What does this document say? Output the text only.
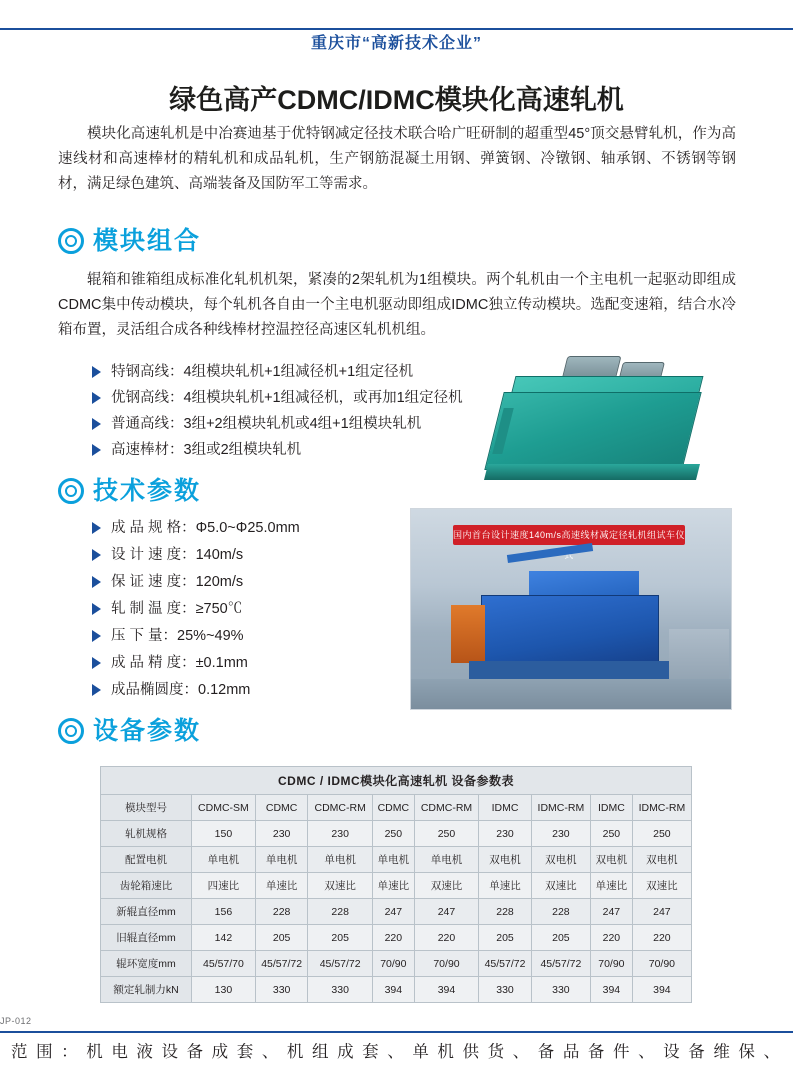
重庆市“高新技术企业”
绿色高产CDMC/IDMC模块化高速轧机
模块化高速轧机是中冶赛迪基于优特钢减定径技术联合哈广旺研制的超重型45°顶交悬臂轧机，作为高速线材和高速棒材的精轧机和成品轧机，生产钢筋混凝土用钢、弹簧钢、冷镦钢、轴承钢、不锈钢等钢材，满足绿色建筑、高端装备及国防军工等需求。
模块组合
辊箱和锥箱组成标准化轧机机架，紧凑的2架轧机为1组模块。两个轧机由一个主电机一起驱动即组成CDMC集中传动模块，每个轧机各自由一个主电机驱动即组成IDMC独立传动模块。选配变速箱，结合水冷箱布置，灵活组合成各种线棒材控温控径高速区轧机机组。
特钢高线：4组模块轧机+1组减径机+1组定径机
优钢高线：4组模块轧机+1组减径机，或再加1组定径机
普通高线：3组+2组模块轧机或4组+1组模块轧机
高速棒材：3组或2组模块轧机
技术参数
成 品 规 格：Φ5.0~Φ25.0mm
设 计 速 度：140m/s
保 证 速 度：120m/s
轧 制 温 度：≥750℃
压 下 量：25%~49%
成 品 精 度：±0.1mm
成品椭圆度：0.12mm
国内首台设计速度140m/s高速线材减定径轧机组试车仪式
设备参数
CDMC / IDMC模块化高速轧机 设备参数表									
模块型号	CDMC-SM	CDMC	CDMC-RM	CDMC	CDMC-RM	IDMC	IDMC-RM	IDMC	IDMC-RM
轧机规格	150	230	230	250	250	230	230	250	250
配置电机	单电机	单电机	单电机	单电机	单电机	双电机	双电机	双电机	双电机
齿轮箱速比	四速比	单速比	双速比	单速比	双速比	单速比	双速比	单速比	双速比
新辊直径mm	156	228	228	247	247	228	228	247	247
旧辊直径mm	142	205	205	220	220	205	205	220	220
辊环宽度mm	45/57/70	45/57/72	45/57/72	70/90	70/90	45/57/72	45/57/72	70/90	70/90
额定轧制力kN	130	330	330	394	394	330	330	394	394
JP-012
范 围 ： 机 电 液 设 备 成 套 、 机 组 成 套 、 单 机 供 货 、 备 品 备 件 、 设 备 维 保 、
